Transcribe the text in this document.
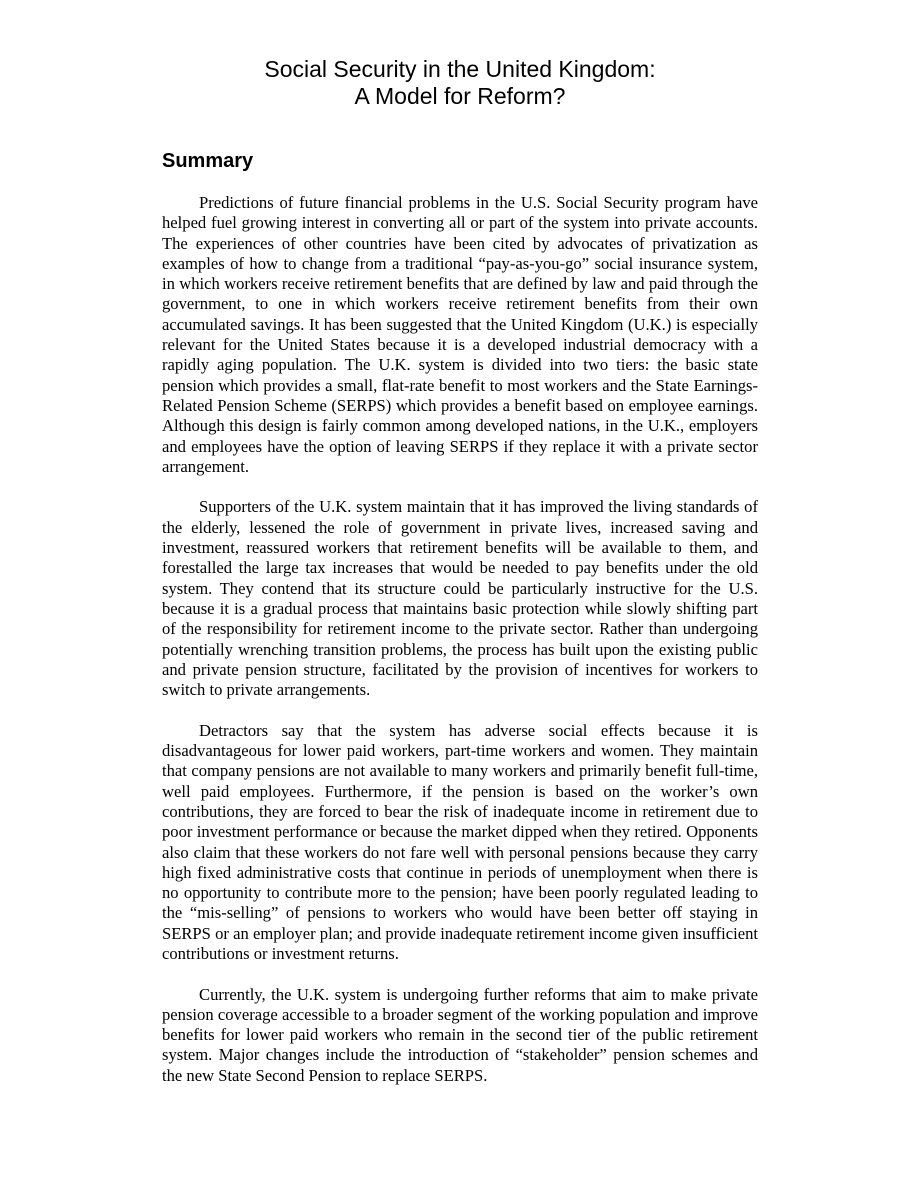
Social Security in the United Kingdom:
A Model for Reform?
Summary

Predictions of future financial problems in the U.S. Social Security program have helped fuel growing interest in converting all or part of the system into private accounts. The experiences of other countries have been cited by advocates of privatization as examples of how to change from a traditional “pay-as-you-go” social insurance system, in which workers receive retirement benefits that are defined by law and paid through the government, to one in which workers receive retirement benefits from their own accumulated savings. It has been suggested that the United Kingdom (U.K.) is especially relevant for the United States because it is a developed industrial democracy with a rapidly aging population. The U.K. system is divided into two tiers: the basic state pension which provides a small, flat-rate benefit to most workers and the State Earnings-Related Pension Scheme (SERPS) which provides a benefit based on employee earnings. Although this design is fairly common among developed nations, in the U.K., employers and employees have the option of leaving SERPS if they replace it with a private sector arrangement.

Supporters of the U.K. system maintain that it has improved the living standards of the elderly, lessened the role of government in private lives, increased saving and investment, reassured workers that retirement benefits will be available to them, and forestalled the large tax increases that would be needed to pay benefits under the old system. They contend that its structure could be particularly instructive for the U.S. because it is a gradual process that maintains basic protection while slowly shifting part of the responsibility for retirement income to the private sector. Rather than undergoing potentially wrenching transition problems, the process has built upon the existing public and private pension structure, facilitated by the provision of incentives for workers to switch to private arrangements.

Detractors say that the system has adverse social effects because it is disadvantageous for lower paid workers, part-time workers and women. They maintain that company pensions are not available to many workers and primarily benefit full-time, well paid employees. Furthermore, if the pension is based on the worker’s own contributions, they are forced to bear the risk of inadequate income in retirement due to poor investment performance or because the market dipped when they retired. Opponents also claim that these workers do not fare well with personal pensions because they carry high fixed administrative costs that continue in periods of unemployment when there is no opportunity to contribute more to the pension; have been poorly regulated leading to the “mis-selling” of pensions to workers who would have been better off staying in SERPS or an employer plan; and provide inadequate retirement income given insufficient contributions or investment returns.

Currently, the U.K. system is undergoing further reforms that aim to make private pension coverage accessible to a broader segment of the working population and improve benefits for lower paid workers who remain in the second tier of the public retirement system. Major changes include the introduction of “stakeholder” pension schemes and the new State Second Pension to replace SERPS.
